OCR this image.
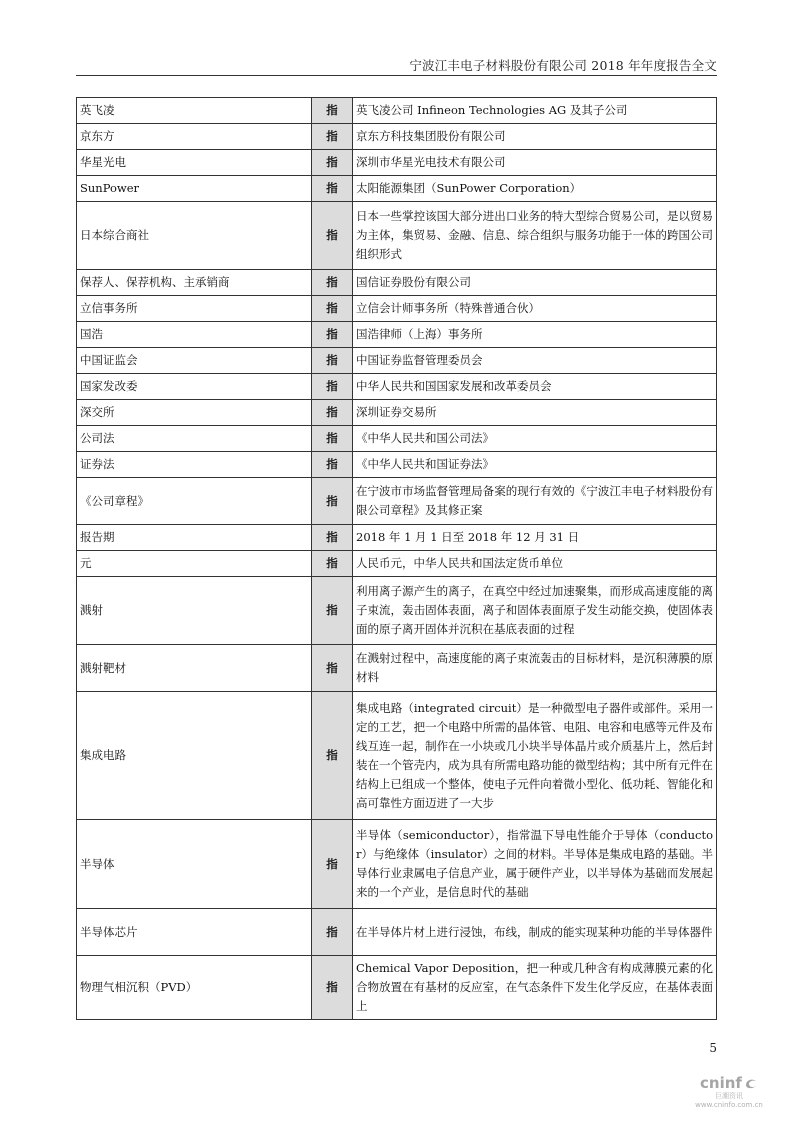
宁波江丰电子材料股份有限公司 2018 年年度报告全文
英飞凌	指	英飞凌公司 Infineon Technologies AG 及其子公司
京东方	指	京东方科技集团股份有限公司
华星光电	指	深圳市华星光电技术有限公司
SunPower	指	太阳能源集团（SunPower Corporation）
日本综合商社	指	日本一些掌控该国大部分进出口业务的特大型综合贸易公司，是以贸易为主体，集贸易、金融、信息、综合组织与服务功能于一体的跨国公司组织形式
保荐人、保荐机构、主承销商	指	国信证券股份有限公司
立信事务所	指	立信会计师事务所（特殊普通合伙）
国浩	指	国浩律师（上海）事务所
中国证监会	指	中国证券监督管理委员会
国家发改委	指	中华人民共和国国家发展和改革委员会
深交所	指	深圳证券交易所
公司法	指	《中华人民共和国公司法》
证券法	指	《中华人民共和国证券法》
《公司章程》	指	在宁波市市场监督管理局备案的现行有效的《宁波江丰电子材料股份有限公司章程》及其修正案
报告期	指	2018 年 1 月 1 日至 2018 年 12 月 31 日
元	指	人民币元，中华人民共和国法定货币单位
溅射	指	利用离子源产生的离子，在真空中经过加速聚集，而形成高速度能的离子束流，轰击固体表面，离子和固体表面原子发生动能交换，使固体表面的原子离开固体并沉积在基底表面的过程
溅射靶材	指	在溅射过程中，高速度能的离子束流轰击的目标材料，是沉积薄膜的原材料
集成电路	指	集成电路（integrated circuit）是一种微型电子器件或部件。采用一定的工艺，把一个电路中所需的晶体管、电阻、电容和电感等元件及布线互连一起，制作在一小块或几小块半导体晶片或介质基片上，然后封装在一个管壳内，成为具有所需电路功能的微型结构；其中所有元件在结构上已组成一个整体，使电子元件向着微小型化、低功耗、智能化和高可靠性方面迈进了一大步
半导体	指	半导体（semiconductor），指常温下导电性能介于导体（conductor）与绝缘体（insulator）之间的材料。半导体是集成电路的基础。半导体行业隶属电子信息产业，属于硬件产业，以半导体为基础而发展起来的一个产业，是信息时代的基础
半导体芯片	指	在半导体片材上进行浸蚀，布线，制成的能实现某种功能的半导体器件
物理气相沉积（PVD）	指	Chemical Vapor Deposition，把一种或几种含有构成薄膜元素的化合物放置在有基材的反应室，在气态条件下发生化学反应，在基体表面上
5
cninf
巨潮资讯
www.cninfo.com.cn
